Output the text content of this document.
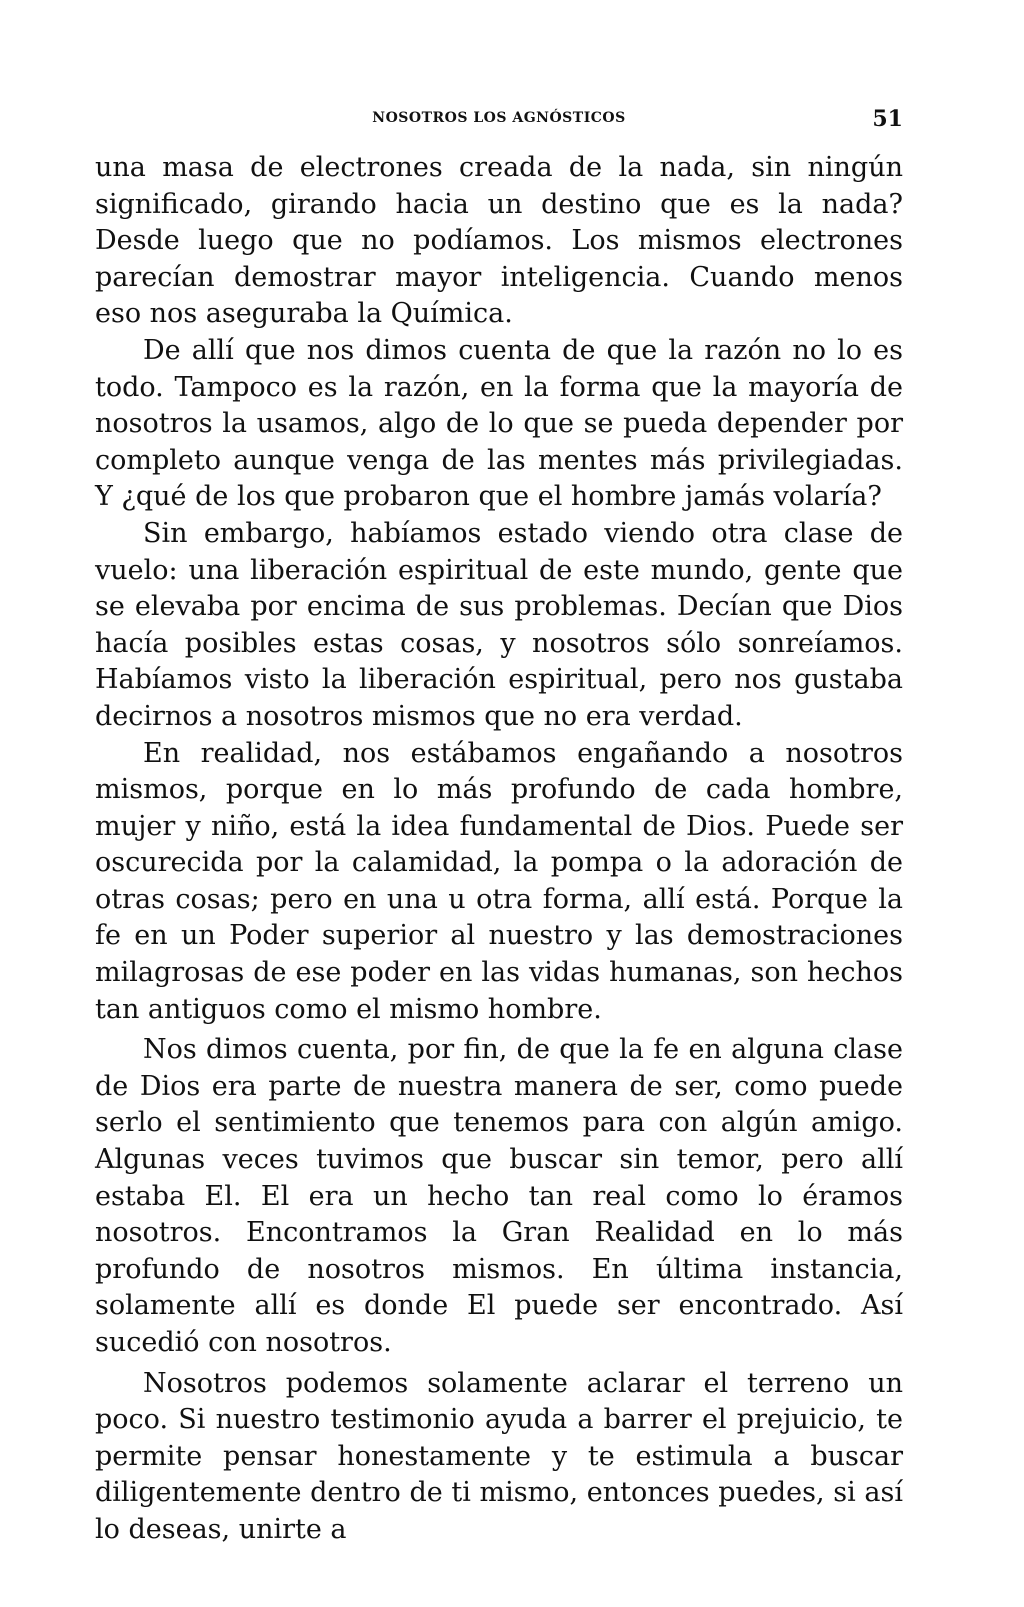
NOSOTROS LOS AGNÓSTICOS	51

una masa de electrones creada de la nada, sin ningún significado, girando hacia un destino que es la nada? Desde luego que no podíamos. Los mismos electrones parecían demostrar mayor inteligencia. Cuando menos eso nos aseguraba la Química.

De allí que nos dimos cuenta de que la razón no lo es todo. Tampoco es la razón, en la forma que la mayoría de nosotros la usamos, algo de lo que se pueda depender por completo aunque venga de las mentes más privilegiadas. Y ¿qué de los que probaron que el hombre jamás volaría?

Sin embargo, habíamos estado viendo otra clase de vuelo: una liberación espiritual de este mundo, gente que se elevaba por encima de sus problemas. Decían que Dios hacía posibles estas cosas, y nosotros sólo sonreíamos. Habíamos visto la liberación espiritual, pero nos gustaba decirnos a nosotros mismos que no era verdad.

En realidad, nos estábamos engañando a nosotros mismos, porque en lo más profundo de cada hombre, mujer y niño, está la idea fundamental de Dios. Puede ser oscurecida por la calamidad, la pompa o la adoración de otras cosas; pero en una u otra forma, allí está. Porque la fe en un Poder superior al nuestro y las demostraciones milagrosas de ese poder en las vidas humanas, son hechos tan antiguos como el mismo hombre.

Nos dimos cuenta, por fin, de que la fe en alguna clase de Dios era parte de nuestra manera de ser, como puede serlo el sentimiento que tenemos para con algún amigo. Algunas veces tuvimos que buscar sin temor, pero allí estaba El. El era un hecho tan real como lo éramos nosotros. Encontramos la Gran Realidad en lo más profundo de nosotros mismos. En última instancia, solamente allí es donde El puede ser encontrado. Así sucedió con nosotros.

Nosotros podemos solamente aclarar el terreno un poco. Si nuestro testimonio ayuda a barrer el prejuicio, te permite pensar honestamente y te estimula a buscar diligentemente dentro de ti mismo, entonces puedes, si así lo deseas, unirte a
